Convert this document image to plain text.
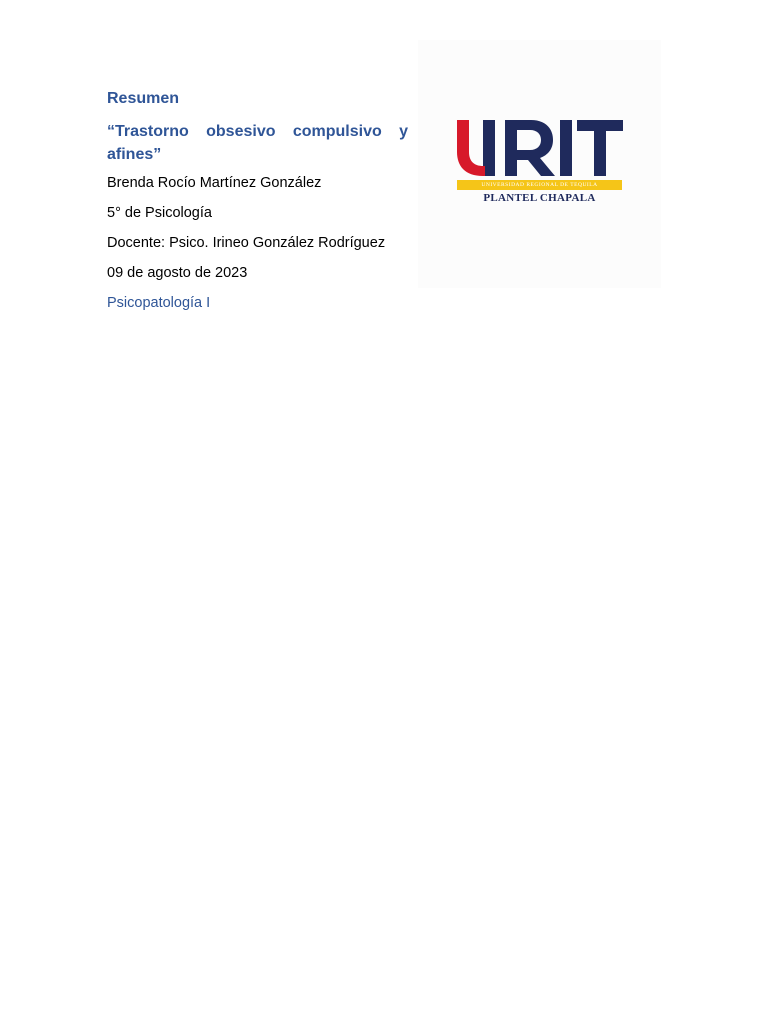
Resumen

“Trastorno obsesivo compulsivo y afines”

Brenda Rocío Martínez González

5° de Psicología

Docente: Psico. Irineo González Rodríguez

09 de agosto de 2023

Psicopatología I

UNIVERSIDAD REGIONAL DE TEQUILA
PLANTEL CHAPALA
